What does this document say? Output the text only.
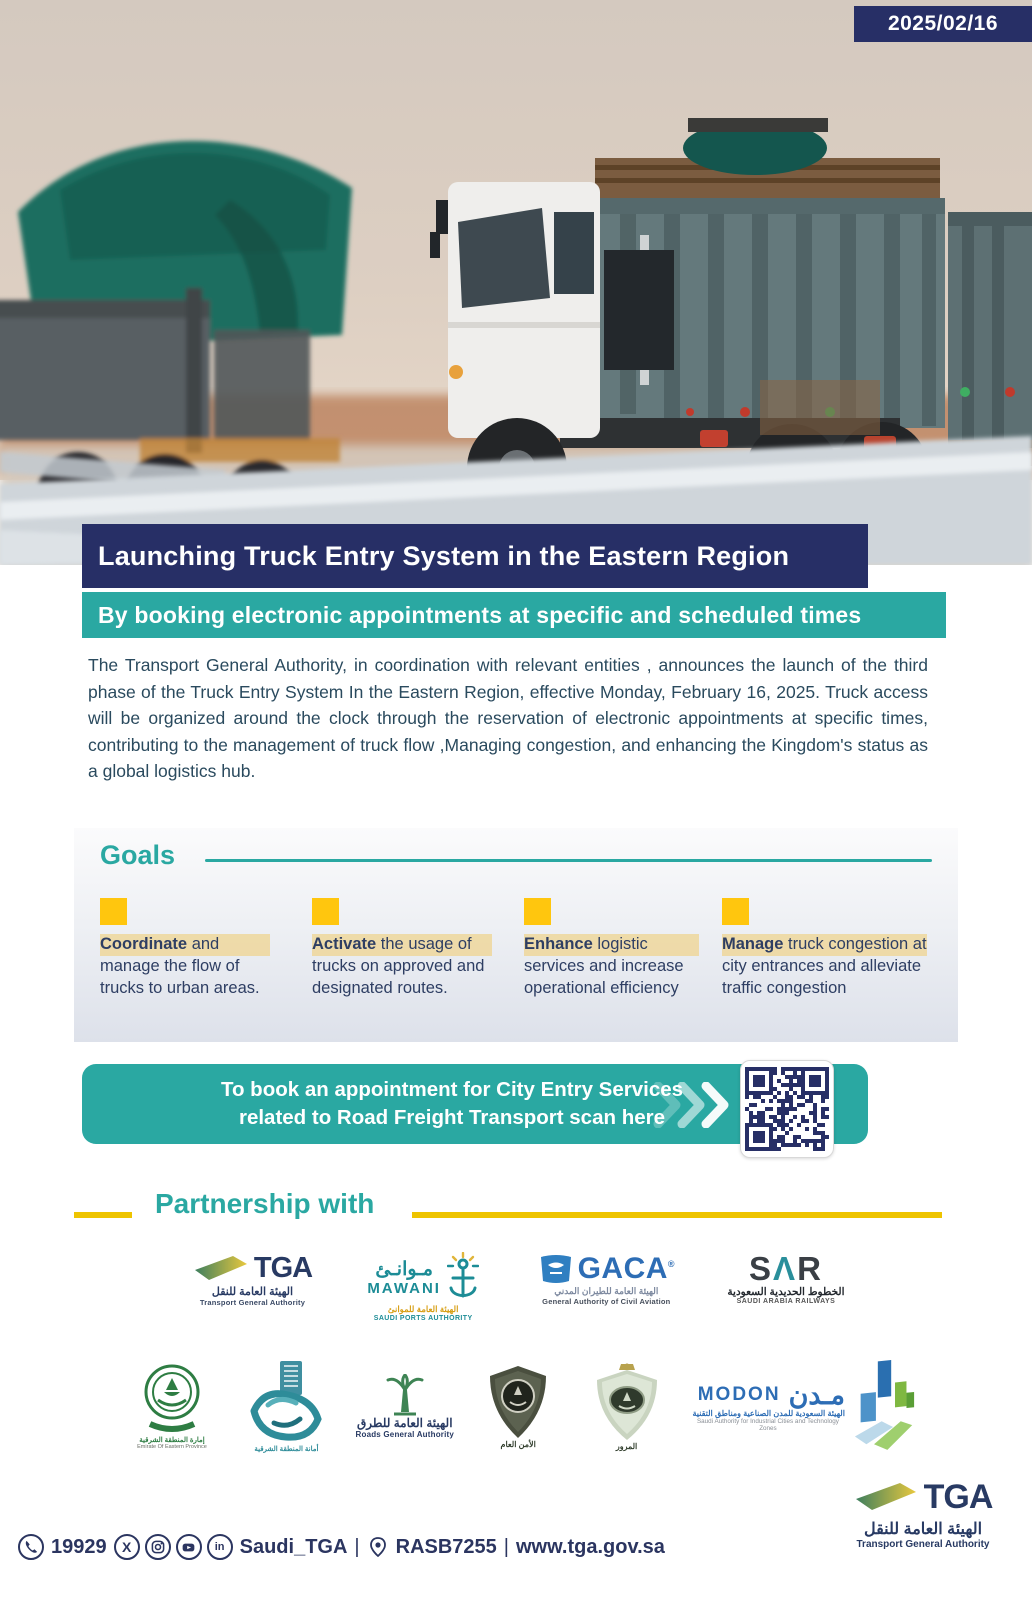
2025/02/16
Launching Truck Entry System in the Eastern Region
By booking electronic appointments at specific and scheduled times

The Transport General Authority, in coordination with relevant entities , announces the launch of the third phase of the Truck Entry System In the Eastern Region, effective Monday, February 16, 2025. Truck access will be organized around the clock through the reservation of electronic appointments at specific times, contributing to the management of truck flow ,Managing congestion, and enhancing the Kingdom's status as a global logistics hub.

Goals
Coordinate and manage the flow of trucks to urban areas.
Activate the usage of trucks on approved and designated routes.
Enhance logistic services and increase operational efficiency
Manage truck congestion at city entrances and alleviate traffic congestion
To book an appointment for City Entry Services
related to Road Freight Transport scan here
Partnership with
TGA
الهيئة العامة للنقل
Transport General Authority
مـوانـئ
MAWANI
الهيئة العامة للموانئ
SAUDI PORTS AUTHORITY
GACA®
الهيئة العامة للطيران المدني
General Authority of Civil Aviation
SΛR
الخطوط الحديدية السعودية
SAUDI ARABIA RAILWAYS
إمارة المنطقة الشرقية
Emirate Of Eastern Province	أمانة المنطقة الشرقية
الهيئة العامة للطرق
Roads General Authority
الأمن العام	المرور
MODON مـدن
الهيئة السعودية للمدن الصناعية ومناطق التقنية
Saudi Authority for Industrial Cities and Technology Zones
19929	X	in Saudi_TGA | RASB7255 | www.tga.gov.sa
TGA
الهيئة العامة للنقل
Transport General Authority
